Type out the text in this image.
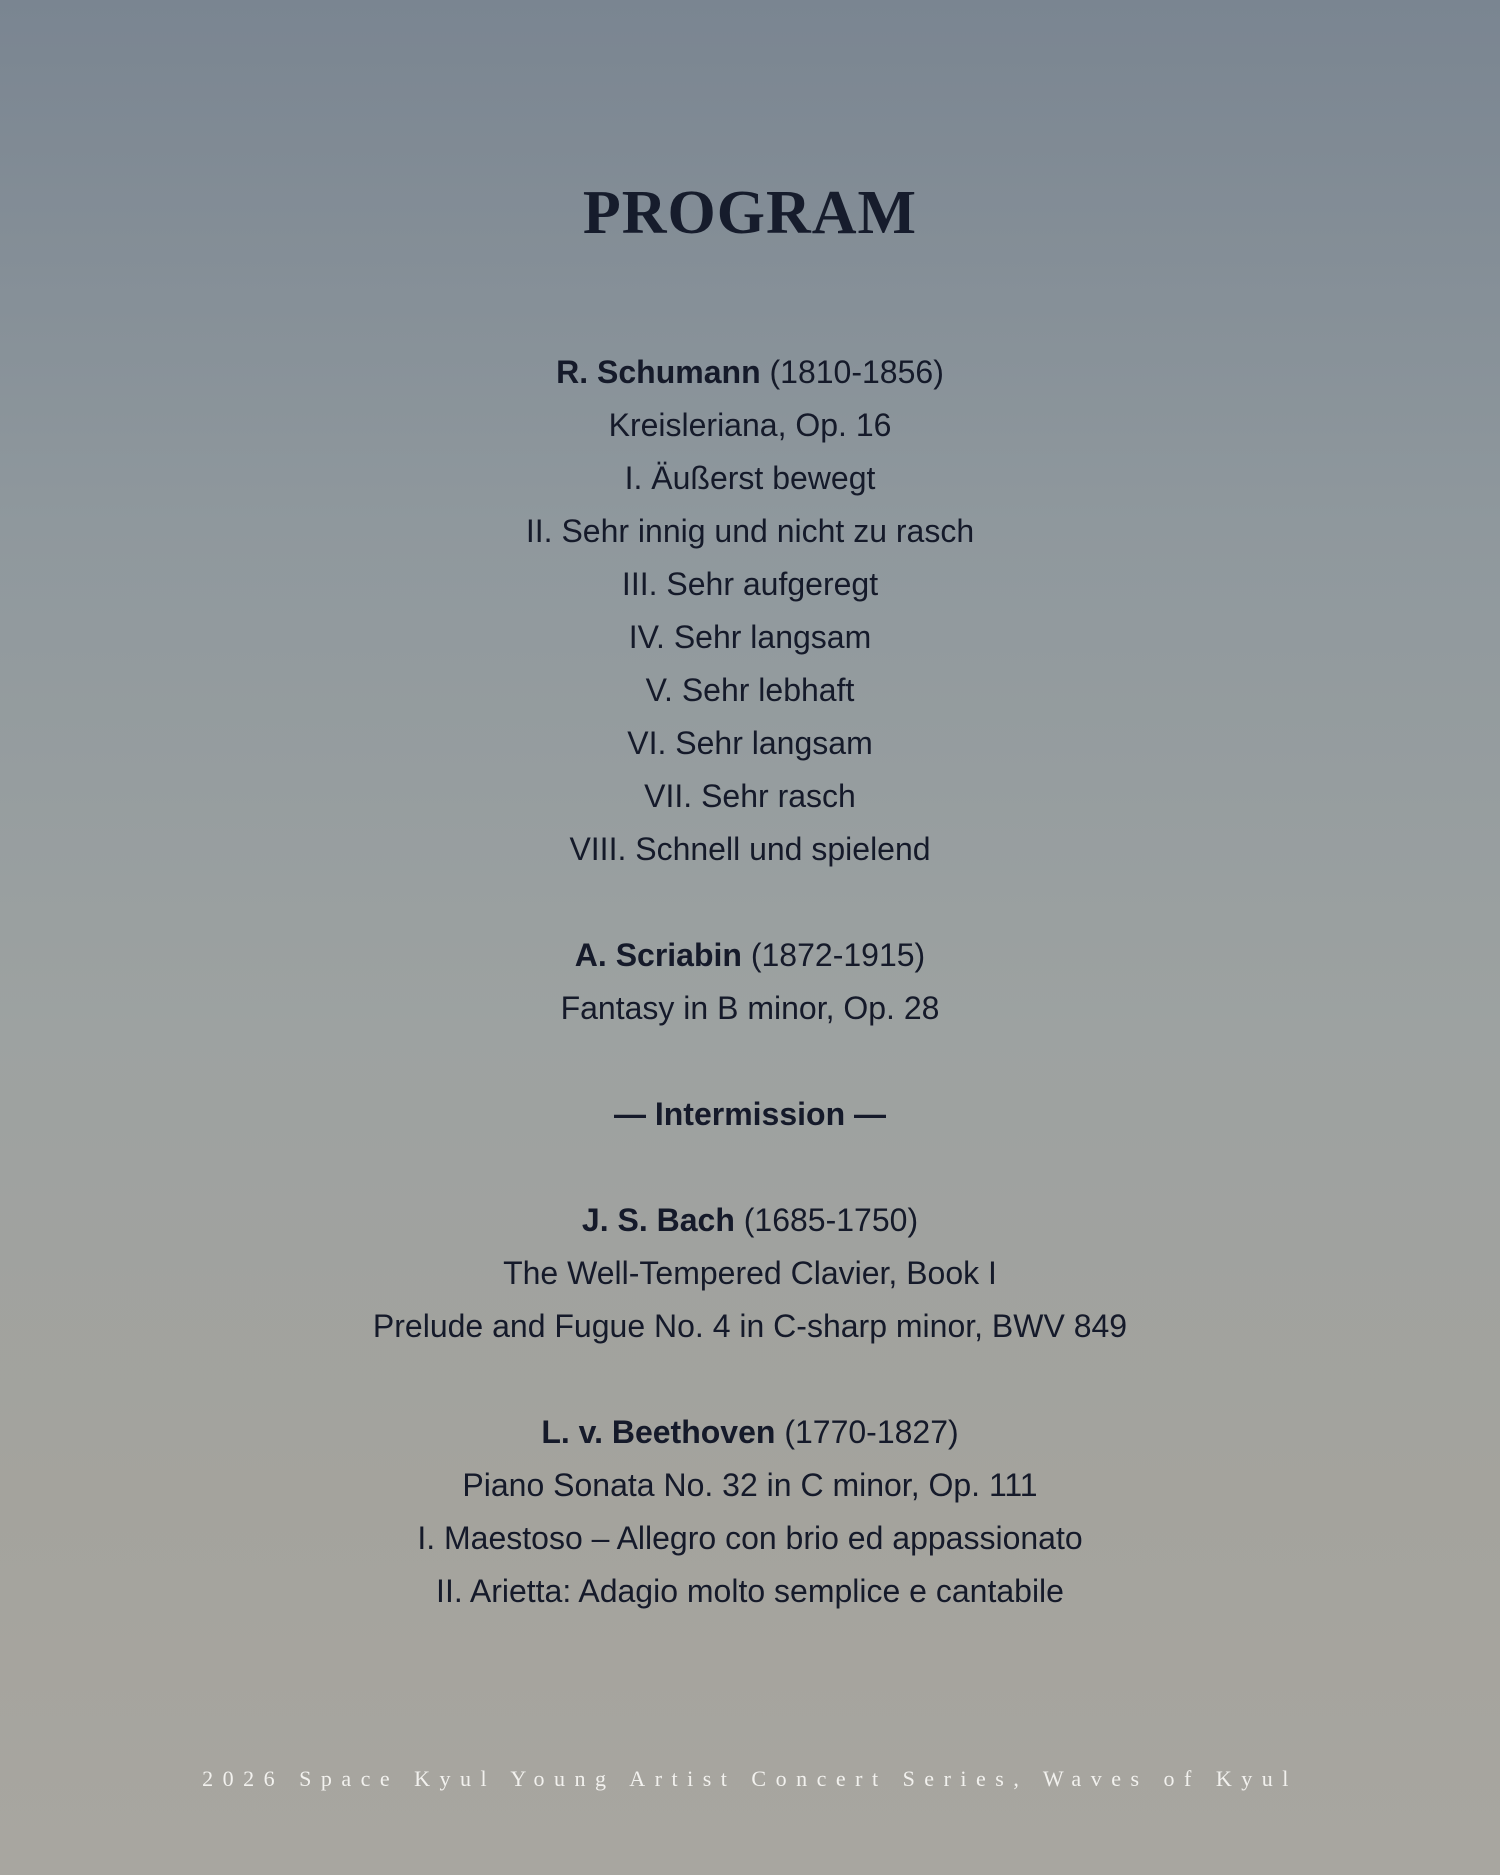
PROGRAM

R. Schumann (1810-1856)

Kreisleriana, Op. 16

I. Äußerst bewegt

II. Sehr innig und nicht zu rasch

III. Sehr aufgeregt

IV. Sehr langsam

V. Sehr lebhaft

VI. Sehr langsam

VII. Sehr rasch

VIII. Schnell und spielend

A. Scriabin (1872-1915)

Fantasy in B minor, Op. 28

— Intermission —

J. S. Bach (1685-1750)

The Well-Tempered Clavier, Book I

Prelude and Fugue No. 4 in C-sharp minor, BWV 849

L. v. Beethoven (1770-1827)

Piano Sonata No. 32 in C minor, Op. 111

I. Maestoso – Allegro con brio ed appassionato

II. Arietta: Adagio molto semplice e cantabile

2026 Space Kyul Young Artist Concert Series, Waves of Kyul
